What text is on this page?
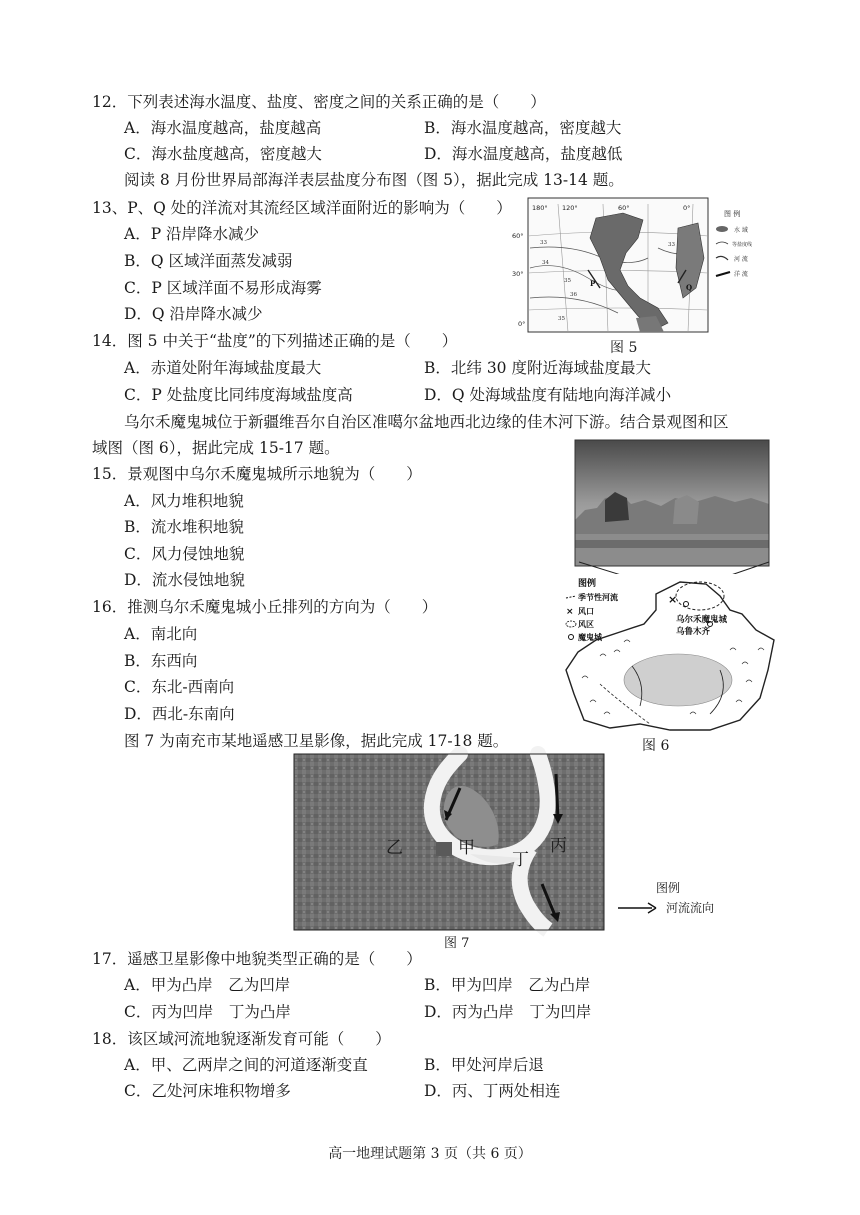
12．下列表述海水温度、盐度、密度之间的关系正确的是（　　）
A．海水温度越高，盐度越高	B．海水温度越高，密度越大
C．海水盐度越高，密度越大	D．海水温度越高，盐度越低
阅读 8 月份世界局部海洋表层盐度分布图（图 5），据此完成 13-14 题。
13、P、Q 处的洋流对其流经区域洋面附近的影响为（　　）
A．P 沿岸降水减少
B．Q 区域洋面蒸发减弱
C．P 区域洋面不易形成海雾
D．Q 沿岸降水减少
180° 120°	60°	0°
60°
30°
0°
33
34
35
36
33
35
P	Q
图 例
水 域
等盐度线
河 流
洋 流
图 5
14．图 5 中关于“盐度”的下列描述正确的是（　　）
A．赤道处附年海域盐度最大	B．北纬 30 度附近海域盐度最大
C．P 处盐度比同纬度海域盐度高	D．Q 处海域盐度有陆地向海洋减小
乌尔禾魔鬼城位于新疆维吾尔自治区准噶尔盆地西北边缘的佳木河下游。结合景观图和区
域图（图 6），据此完成 15-17 题。
15．景观图中乌尔禾魔鬼城所示地貌为（　　）
A．风力堆积地貌
B．流水堆积地貌
C．风力侵蚀地貌
D．流水侵蚀地貌
16．推测乌尔禾魔鬼城小丘排列的方向为（　　）
A．南北向
B．东西向
C．东北-西南向
D．西北-东南向
×
图例
季节性河流
× 风口
风区
魔鬼城
乌尔禾魔鬼城
乌鲁木齐
图 6
图 7 为南充市某地遥感卫星影像，据此完成 17-18 题。
乙	甲
丁
丙
图 7
图例
河流流向
17．遥感卫星影像中地貌类型正确的是（　　）
A．甲为凸岸　乙为凹岸	B．甲为凹岸　乙为凸岸
C．丙为凹岸　丁为凸岸	D．丙为凸岸　丁为凹岸
18．该区域河流地貌逐渐发育可能（　　）
A．甲、乙两岸之间的河道逐渐变直	B．甲处河岸后退
C．乙处河床堆积物增多	D．丙、丁两处相连
高一地理试题第 3 页（共 6 页）
